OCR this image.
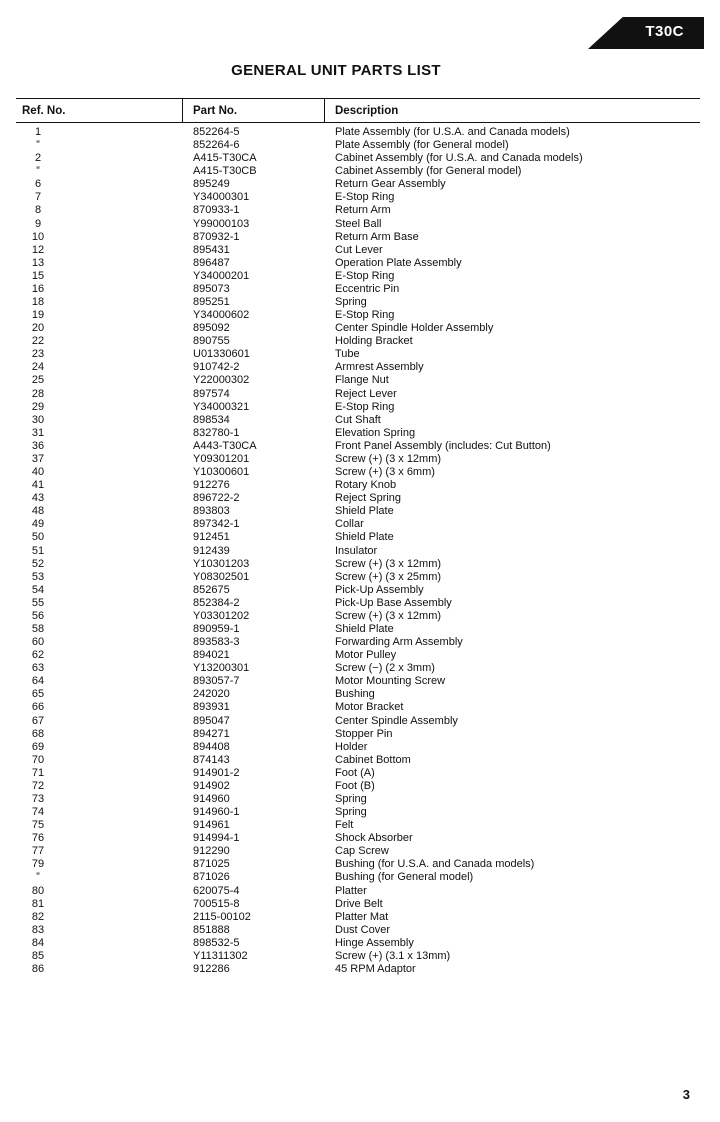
T30C
GENERAL UNIT PARTS LIST
Ref. No.	Part No.	Description
1	852264-5	Plate Assembly (for U.S.A. and Canada models)
”	852264-6	Plate Assembly (for General model)
2	A415-T30CA	Cabinet Assembly (for U.S.A. and Canada models)
”	A415-T30CB	Cabinet Assembly (for General model)
6	895249	Return Gear Assembly
7	Y34000301	E-Stop Ring
8	870933-1	Return Arm
9	Y99000103	Steel Ball
10	870932-1	Return Arm Base
12	895431	Cut Lever
13	896487	Operation Plate Assembly
15	Y34000201	E-Stop Ring
16	895073	Eccentric Pin
18	895251	Spring
19	Y34000602	E-Stop Ring
20	895092	Center Spindle Holder Assembly
22	890755	Holding Bracket
23	U01330601	Tube
24	910742-2	Armrest Assembly
25	Y22000302	Flange Nut
28	897574	Reject Lever
29	Y34000321	E-Stop Ring
30	898534	Cut Shaft
31	832780-1	Elevation Spring
36	A443-T30CA	Front Panel Assembly (includes: Cut Button)
37	Y09301201	Screw (+) (3 x 12mm)
40	Y10300601	Screw (+) (3 x 6mm)
41	912276	Rotary Knob
43	896722-2	Reject Spring
48	893803	Shield Plate
49	897342-1	Collar
50	912451	Shield Plate
51	912439	Insulator
52	Y10301203	Screw (+) (3 x 12mm)
53	Y08302501	Screw (+) (3 x 25mm)
54	852675	Pick-Up Assembly
55	852384-2	Pick-Up Base Assembly
56	Y03301202	Screw (+) (3 x 12mm)
58	890959-1	Shield Plate
60	893583-3	Forwarding Arm Assembly
62	894021	Motor Pulley
63	Y13200301	Screw (−) (2 x 3mm)
64	893057-7	Motor Mounting Screw
65	242020	Bushing
66	893931	Motor Bracket
67	895047	Center Spindle Assembly
68	894271	Stopper Pin
69	894408	Holder
70	874143	Cabinet Bottom
71	914901-2	Foot (A)
72	914902	Foot (B)
73	914960	Spring
74	914960-1	Spring
75	914961	Felt
76	914994-1	Shock Absorber
77	912290	Cap Screw
79	871025	Bushing (for U.S.A. and Canada models)
”	871026	Bushing (for General model)
80	620075-4	Platter
81	700515-8	Drive Belt
82	2115-00102	Platter Mat
83	851888	Dust Cover
84	898532-5	Hinge Assembly
85	Y11311302	Screw (+) (3.1 x 13mm)
86	912286	45 RPM Adaptor
3
